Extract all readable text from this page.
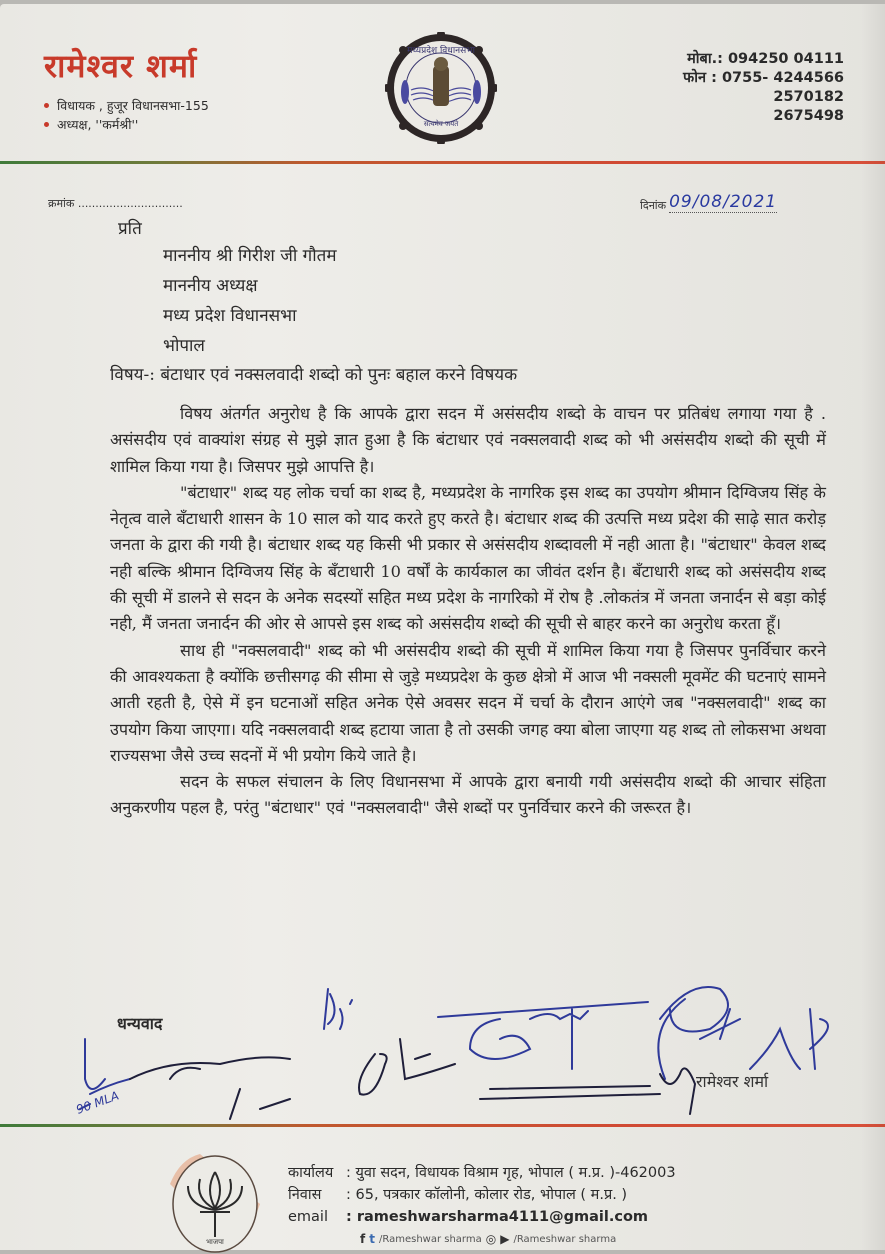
रामेश्वर शर्मा
विधायक , हुजूर विधानसभा-155
अध्यक्ष, ''कर्मश्री''
मध्यप्रदेश विधानसभा
सत्यमेव जयते
मोबा.: 094250 04111
फोन : 0755- 4244566
2570182
2675498
क्रमांक ..............................	दिनांक 09/08/2021
प्रति
माननीय श्री गिरीश जी गौतम
माननीय अध्यक्ष
मध्य प्रदेश विधानसभा
भोपाल
विषय-: बंटाधार एवं नक्सलवादी शब्दो को पुनः बहाल करने विषयक

विषय अंतर्गत अनुरोध है कि आपके द्वारा सदन में असंसदीय शब्दो के वाचन पर प्रतिबंध लगाया गया है . असंसदीय एवं वाक्यांश संग्रह से मुझे ज्ञात हुआ है कि बंटाधार एवं नक्सलवादी शब्द को भी असंसदीय शब्दो की सूची में शामिल किया गया है। जिसपर मुझे आपत्ति है।

"बंटाधार" शब्द यह लोक चर्चा का शब्द है, मध्यप्रदेश के नागरिक इस शब्द का उपयोग श्रीमान दिग्विजय सिंह के नेतृत्व वाले बँटाधारी शासन के 10 साल को याद करते हुए करते है। बंटाधार शब्द की उत्पत्ति मध्य प्रदेश की साढ़े सात करोड़ जनता के द्वारा की गयी है। बंटाधार शब्द यह किसी भी प्रकार से असंसदीय शब्दावली में नही आता है। "बंटाधार" केवल शब्द नही बल्कि श्रीमान दिग्विजय सिंह के बँटाधारी 10 वर्षों के कार्यकाल का जीवंत दर्शन है। बँटाधारी शब्द को असंसदीय शब्द की सूची में डालने से सदन के अनेक सदस्यों सहित मध्य प्रदेश के नागरिको में रोष है .लोकतंत्र में जनता जनार्दन से बड़ा कोई नही, मैं जनता जनार्दन की ओर से आपसे इस शब्द को असंसदीय शब्दो की सूची से बाहर करने का अनुरोध करता हूँ।

साथ ही "नक्सलवादी" शब्द को भी असंसदीय शब्दो की सूची में शामिल किया गया है जिसपर पुनर्विचार करने की आवश्यकता है क्योंकि छत्तीसगढ़ की सीमा से जुड़े मध्यप्रदेश के कुछ क्षेत्रो में आज भी नक्सली मूवमेंट की घटनाएं सामने आती रहती है, ऐसे में इन घटनाओं सहित अनेक ऐसे अवसर सदन में चर्चा के दौरान आएंगे जब "नक्सलवादी" शब्द का उपयोग किया जाएगा। यदि नक्सलवादी शब्द हटाया जाता है तो उसकी जगह क्या बोला जाएगा यह शब्द तो लोकसभा अथवा राज्यसभा जैसे उच्च सदनों में भी प्रयोग किये जाते है।

सदन के सफल संचालन के लिए विधानसभा में आपके द्वारा बनायी गयी असंसदीय शब्दो की आचार संहिता अनुकरणीय पहल है, परंतु "बंटाधार" एवं "नक्सलवादी" जैसे शब्दों पर पुनर्विचार करने की जरूरत है।

धन्यवाद
90 MLA
रामेश्वर शर्मा
भाजपा
कार्यालय : युवा सदन, विधायक विश्राम गृह, भोपाल ( म.प्र. )-462003
निवास	: 65, पत्रकार कॉलोनी, कोलार रोड, भोपाल ( म.प्र. )
email	: rameshwarsharma4111@gmail.com
f t /Rameshwar sharma ◎ ▶ /Rameshwar sharma
